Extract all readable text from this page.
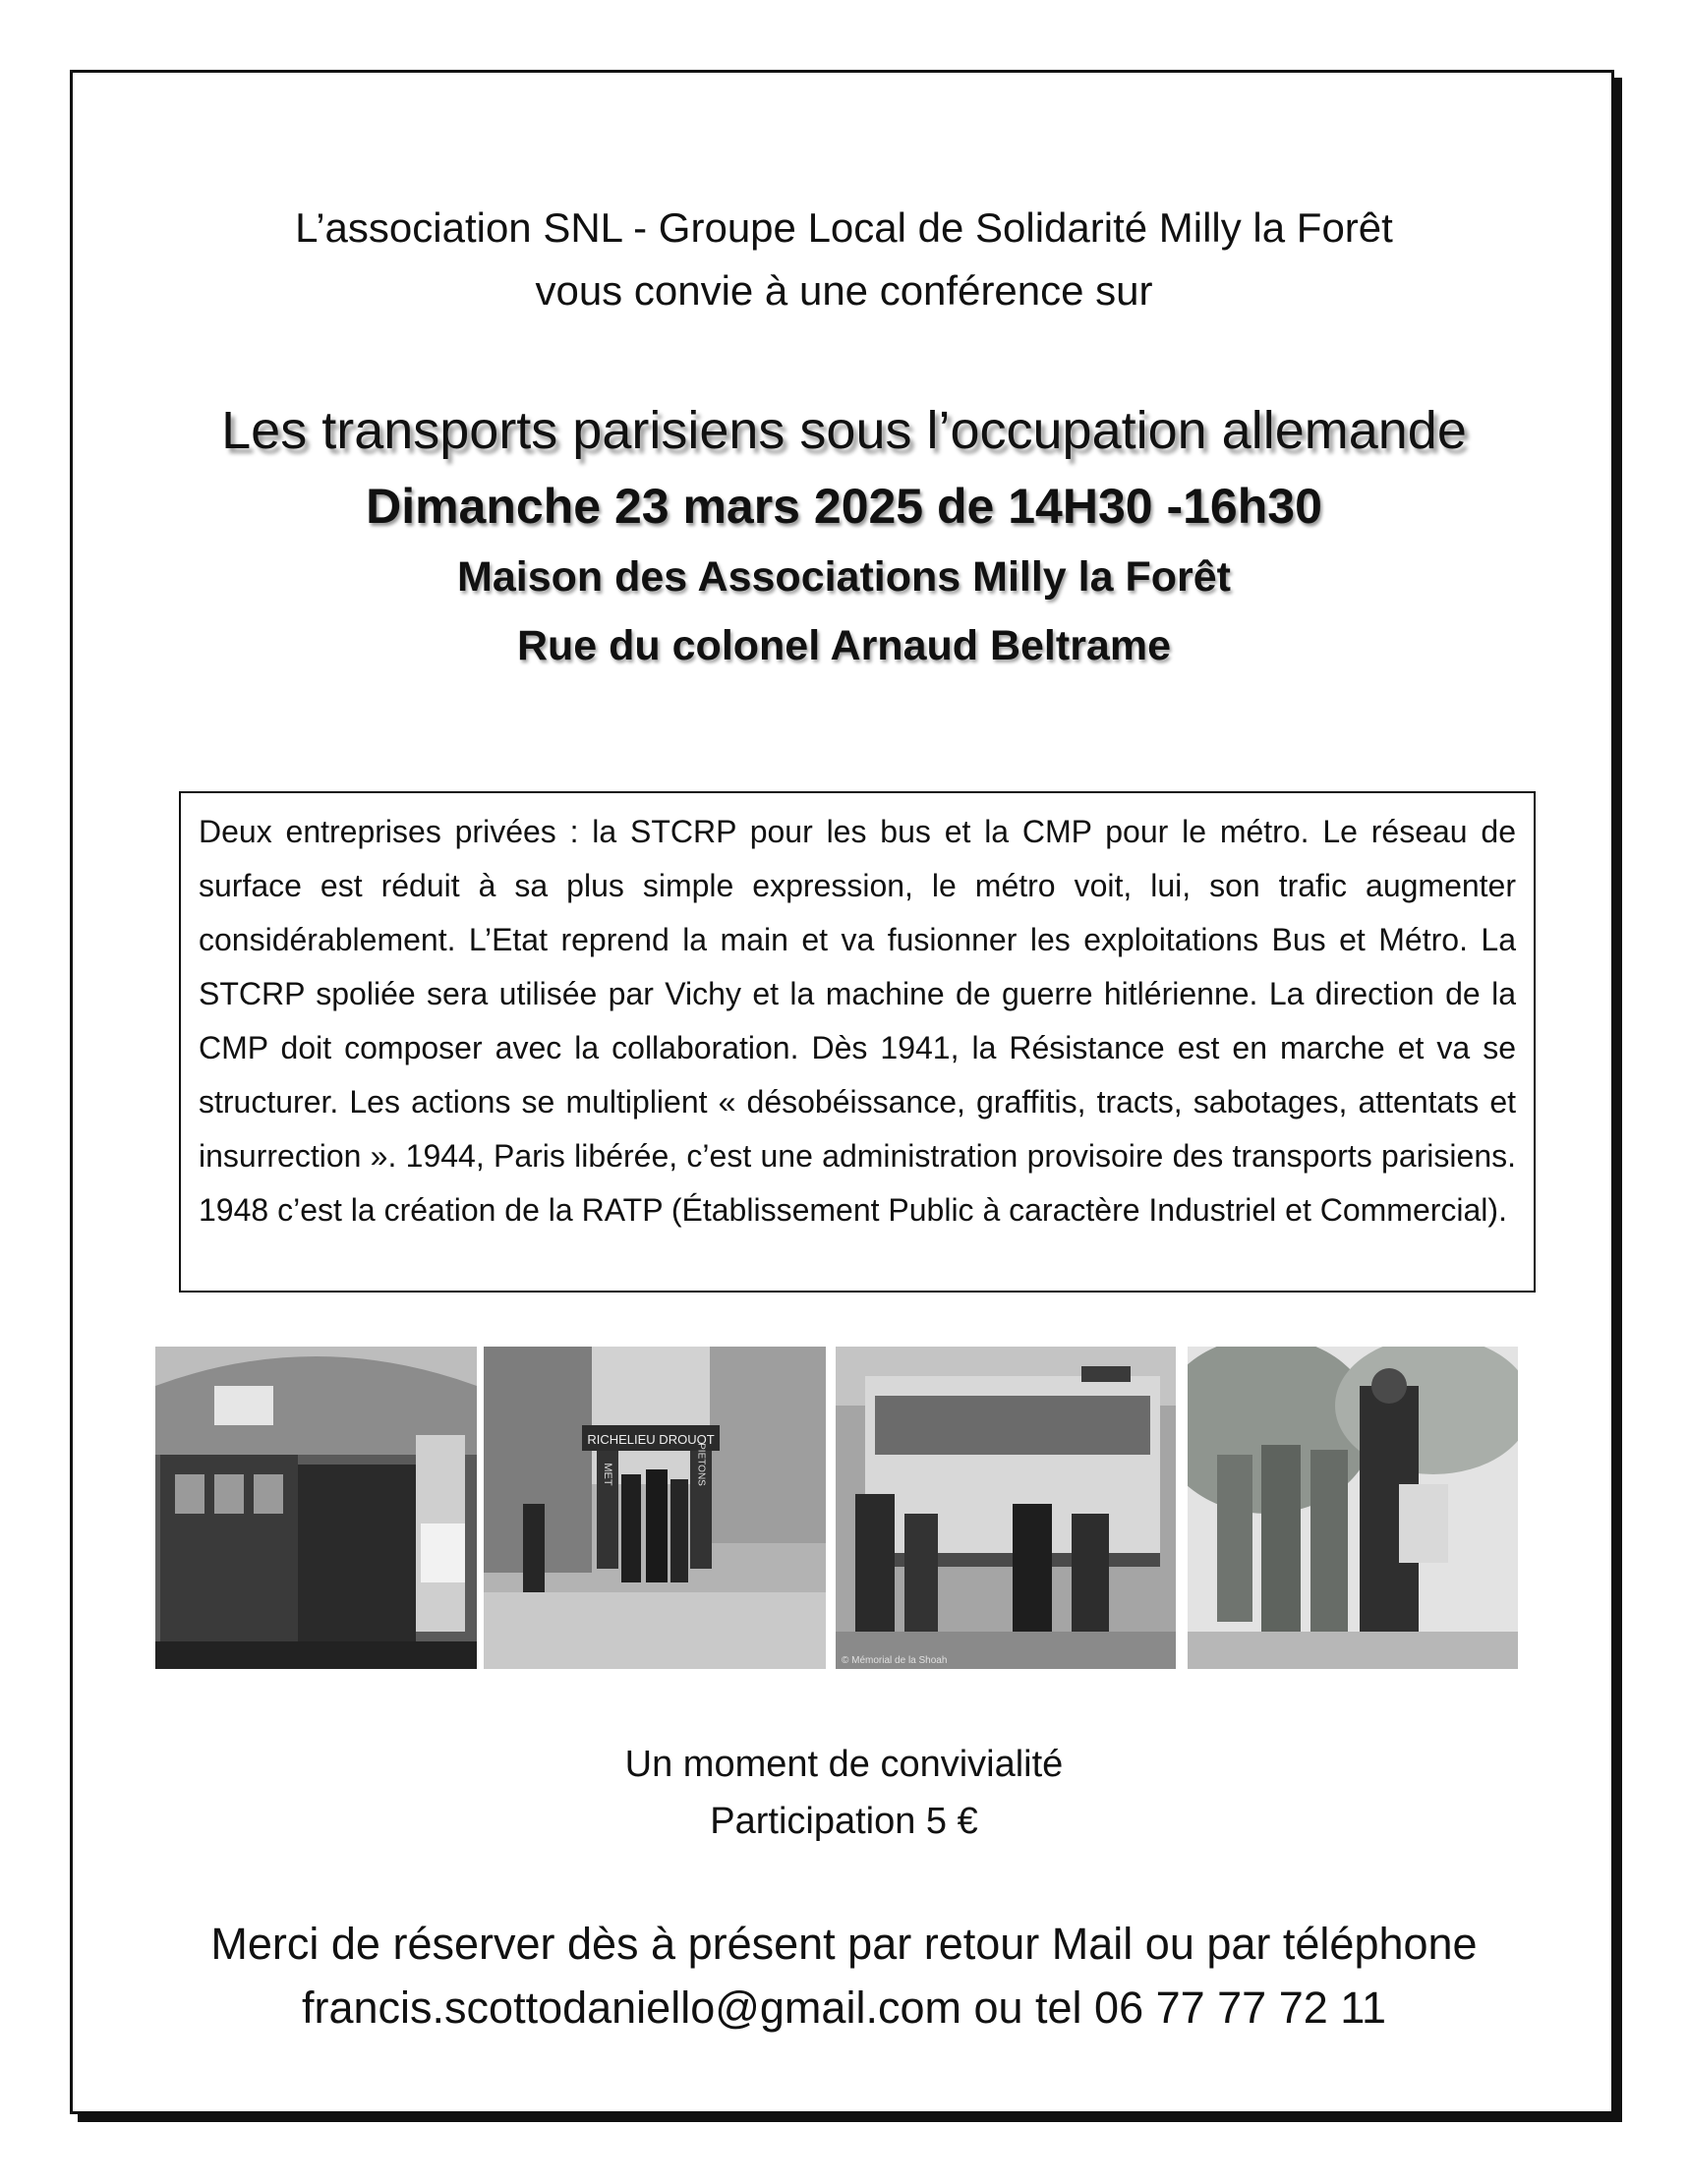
L’association SNL - Groupe Local de Solidarité Milly la Forêt
vous convie à une conférence sur
Les transports parisiens sous l’occupation allemande
Dimanche 23 mars 2025 de 14H30 -16h30
Maison des Associations Milly la Forêt
Rue du colonel Arnaud Beltrame

Deux entreprises privées : la STCRP pour les bus et la CMP pour le métro. Le réseau de surface est réduit à sa plus simple expression, le métro voit, lui, son trafic augmenter considérablement. L’Etat reprend la main et va fusionner les exploitations Bus et Métro. La STCRP spoliée sera utilisée par Vichy et la machine de guerre hitlérienne. La direction de la CMP doit composer avec la collaboration. Dès 1941, la Résistance est en marche et va se structurer. Les actions se multiplient « désobéissance, graffitis, tracts, sabotages, attentats et insurrection ». 1944, Paris libérée, c’est une administration provisoire des transports parisiens. 1948 c’est la création de la RATP (Établissement Public à caractère Industriel et Commercial).

RICHELIEU DROUOT
MET	PIETONS
© Mémorial de la Shoah
Un moment de convivialité
Participation 5 €
Merci de réserver dès à présent par retour Mail ou par téléphone
francis.scottodaniello@gmail.com ou tel 06 77 77 72 11
